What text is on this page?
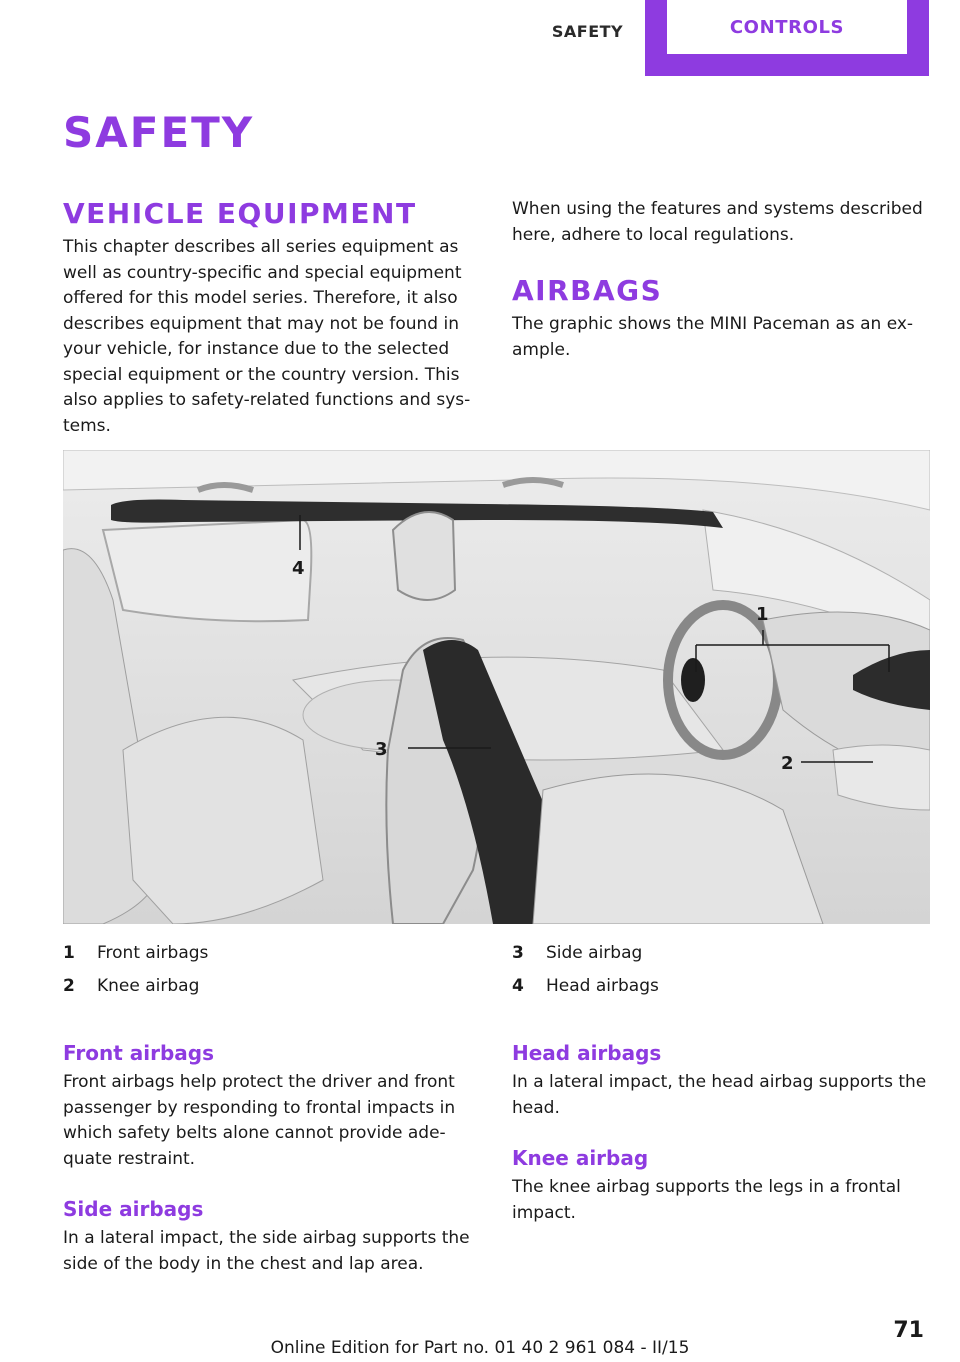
SAFETY	CONTROLS
SAFETY
VEHICLE EQUIPMENT

This chapter describes all series equipment as well as country-specific and special equipment offered for this model series. Therefore, it also describes equipment that may not be found in your vehicle, for instance due to the selected special equipment or the country version. This also applies to safety-related functions and sys- tems.

When using the features and systems described here, adhere to local regulations.

AIRBAGS

The graphic shows the MINI Paceman as an ex- ample.

4
3
1
2
1	Front airbags
2	Knee airbag
3	Side airbag
4	Head airbags
Front airbags

Front airbags help protect the driver and front passenger by responding to frontal impacts in which safety belts alone cannot provide ade- quate restraint.

Side airbags

In a lateral impact, the side airbag supports the side of the body in the chest and lap area.

Head airbags

In a lateral impact, the head airbag supports the head.

Knee airbag

The knee airbag supports the legs in a frontal impact.

71
Online Edition for Part no. 01 40 2 961 084 - II/15
